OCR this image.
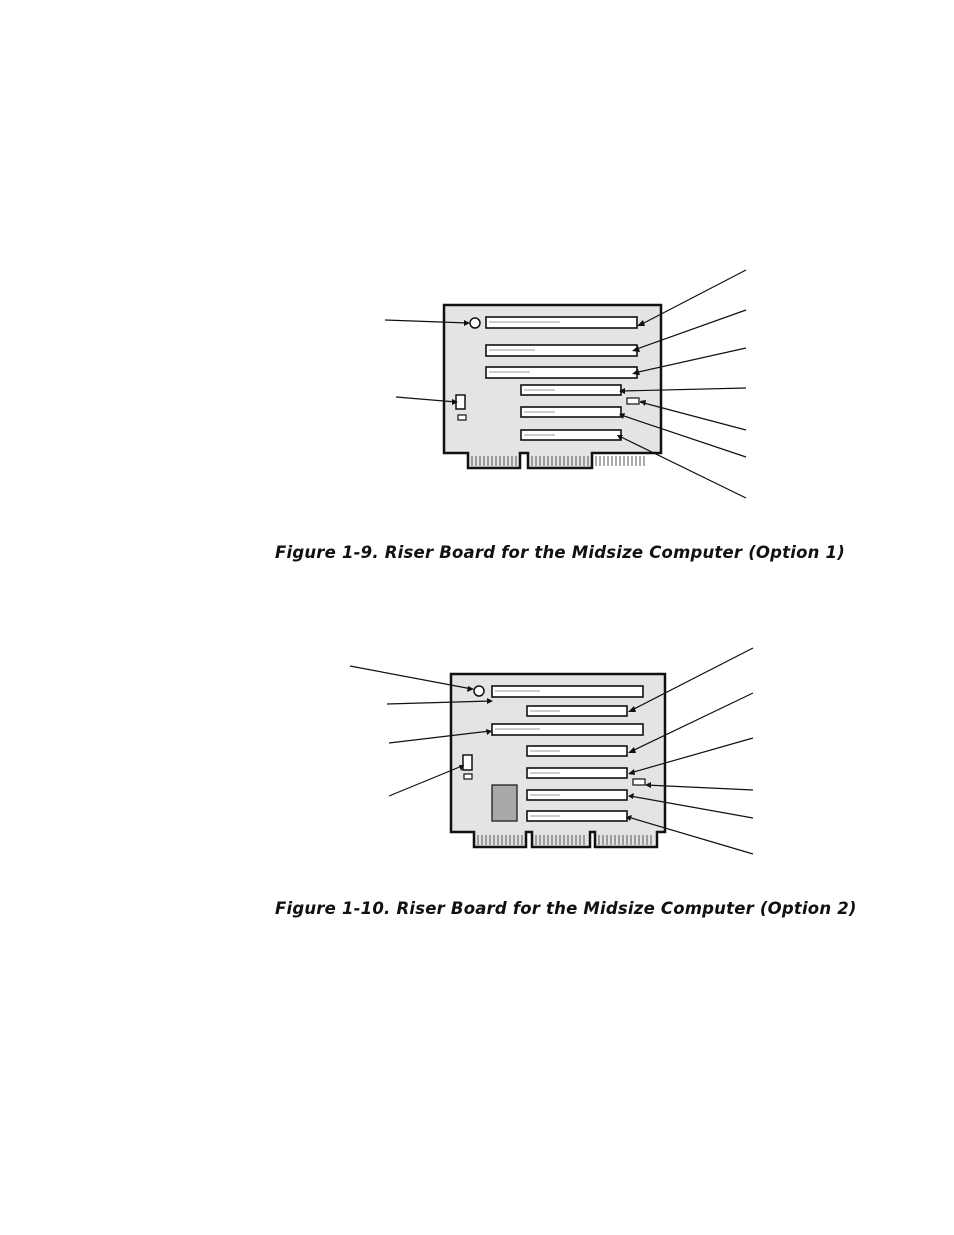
Figure 1-9. Riser Board for the Midsize Computer (Option 1)
Figure 1-10. Riser Board for the Midsize Computer (Option 2)
